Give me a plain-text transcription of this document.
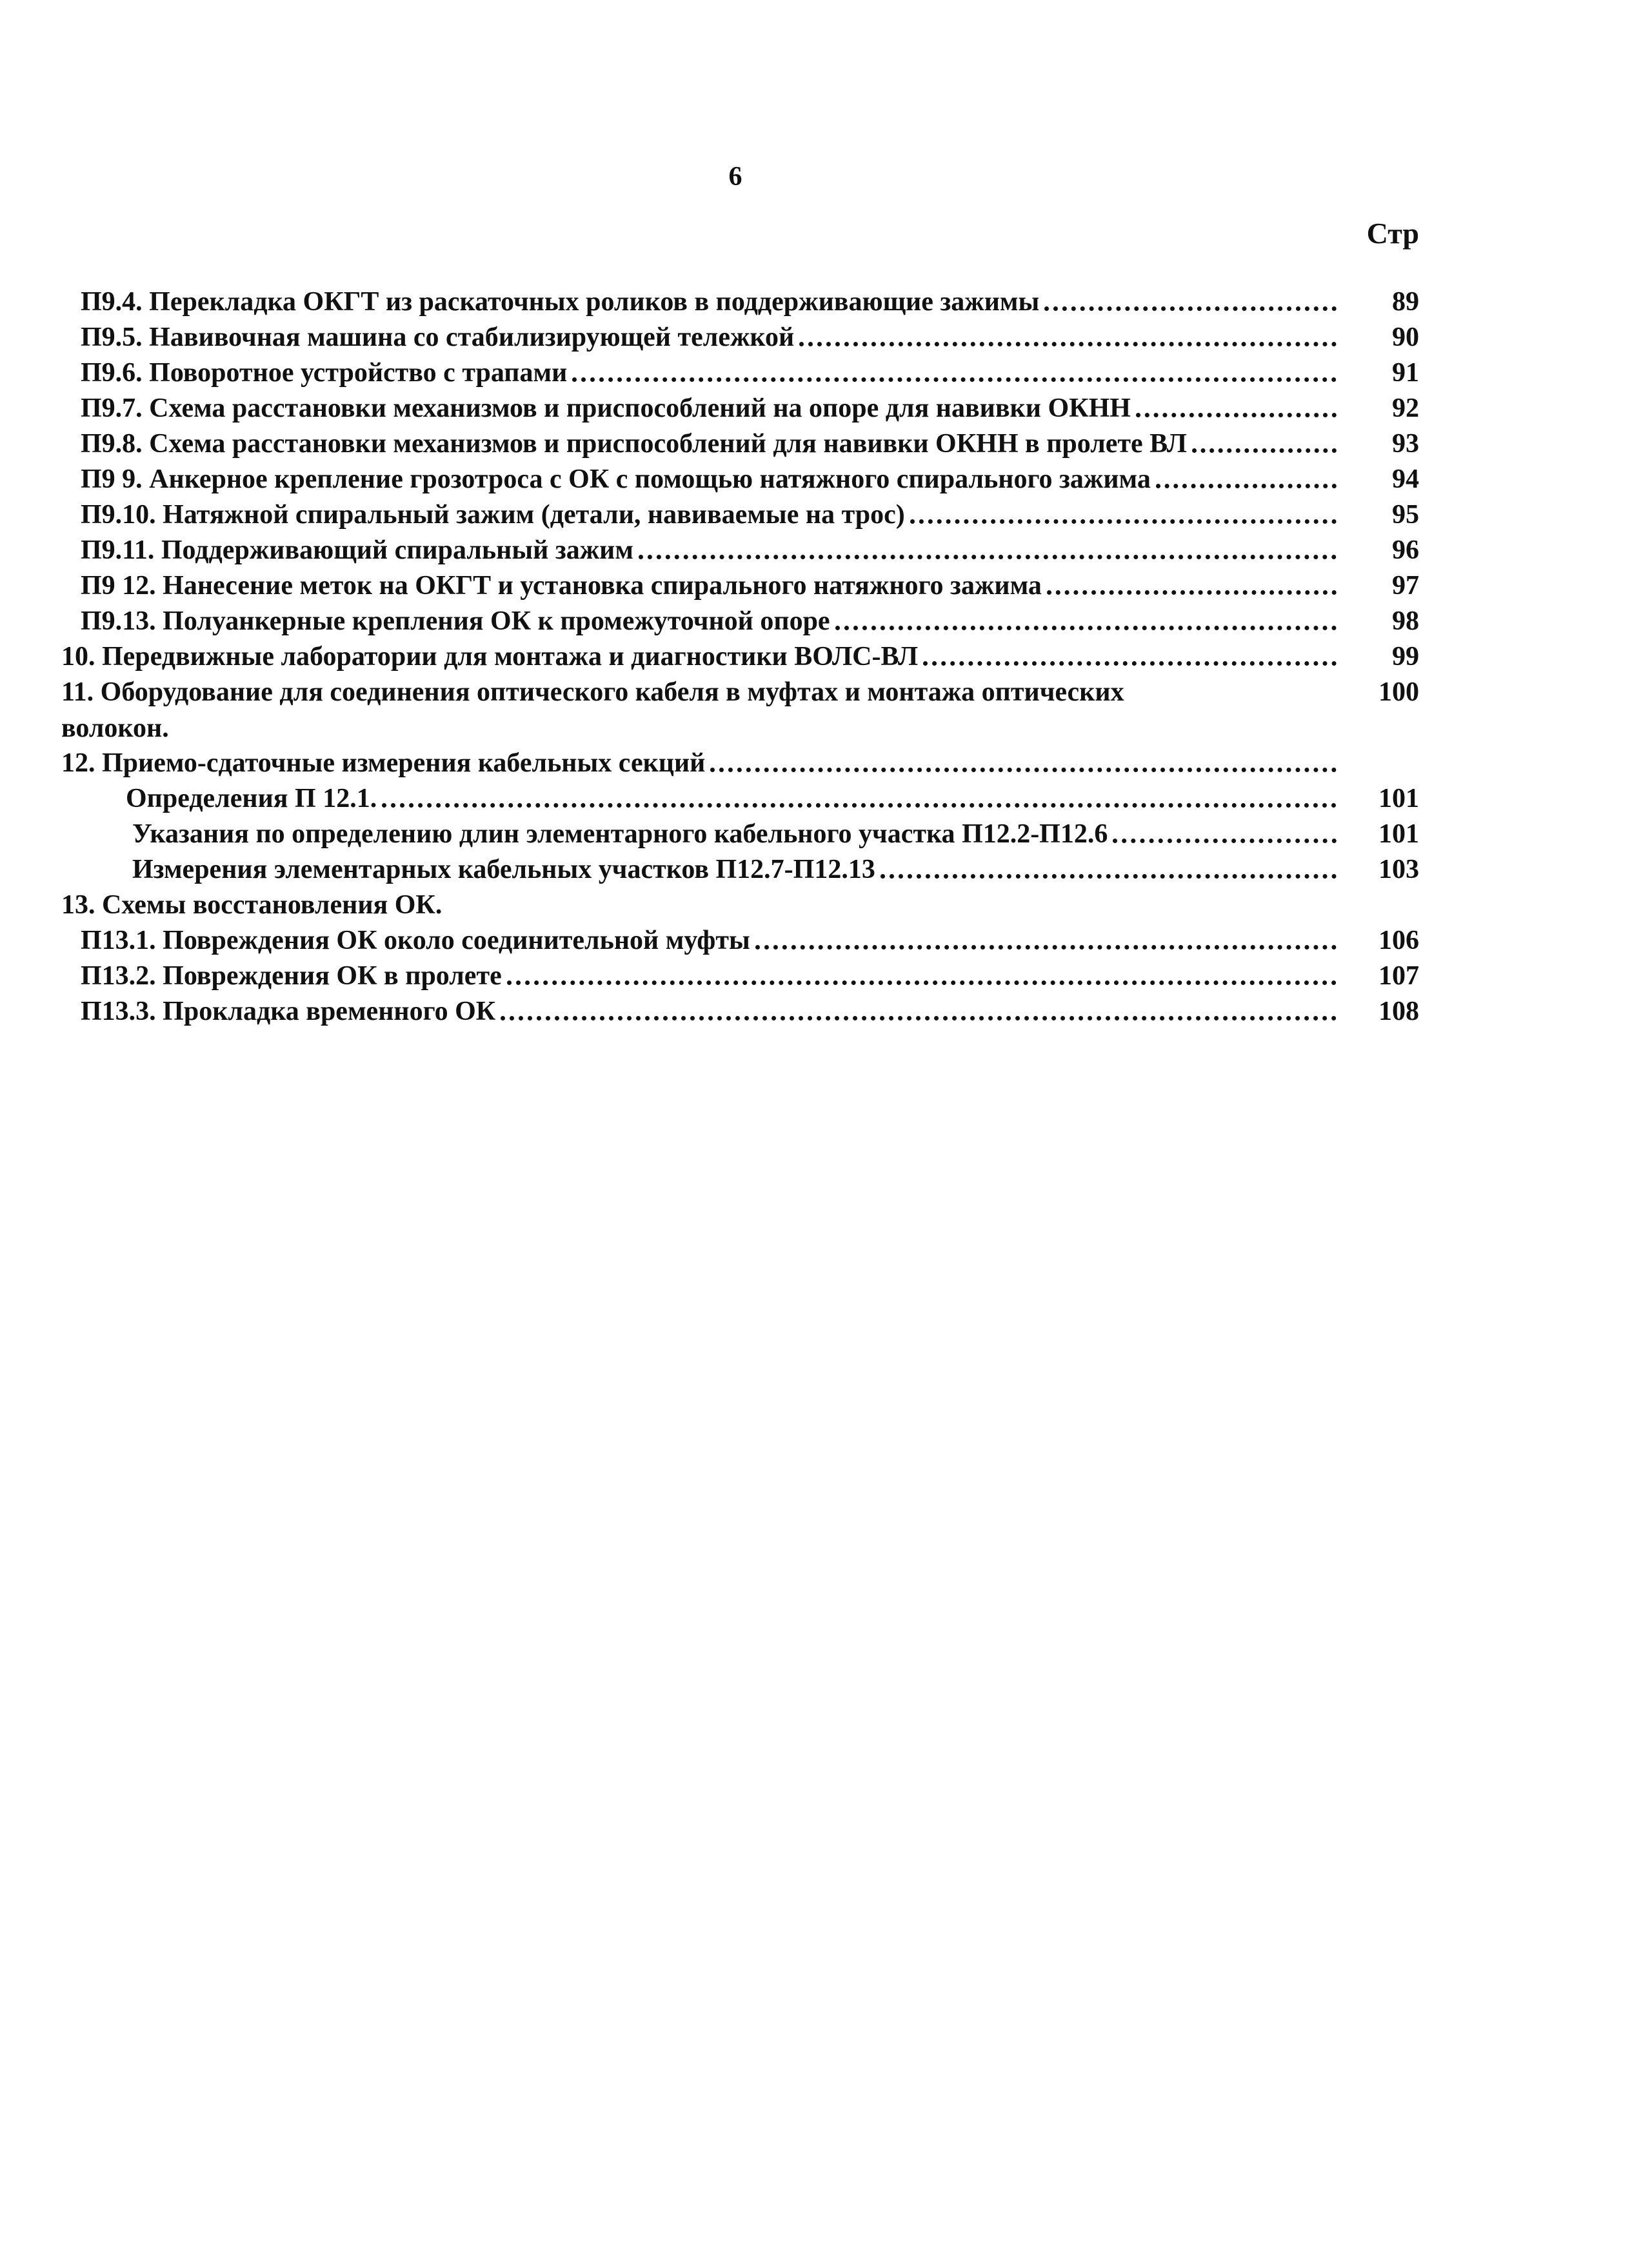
6
Стр
П9.4. Перекладка ОКГТ из раскаточных роликов в поддерживающие зажимы	89
П9.5. Навивочная машина со стабилизирующей тележкой	90
П9.6. Поворотное устройство с трапами	91
П9.7. Схема расстановки механизмов и приспособлений на опоре для навивки ОКНН	92
П9.8. Схема расстановки механизмов и приспособлений для навивки ОКНН в пролете ВЛ	93
П9 9. Анкерное крепление грозотроса с ОК с помощью натяжного спирального зажима	94
П9.10. Натяжной спиральный зажим (детали, навиваемые на трос)	95
П9.11. Поддерживающий спиральный зажим	96
П9 12. Нанесение меток на ОКГТ и установка спирального натяжного зажима	97
П9.13. Полуанкерные крепления ОК к промежуточной опоре	98
10. Передвижные лаборатории для монтажа и диагностики ВОЛС-ВЛ	99
11. Оборудование для соединения оптического кабеля в муфтах и монтажа оптических
волокон.
100
12. Приемо-сдаточные измерения кабельных секций
Определения П 12.1.	101
Указания по определению длин элементарного кабельного участка П12.2-П12.6	101
Измерения элементарных кабельных участков П12.7-П12.13	103
13. Схемы восстановления ОК.
П13.1. Повреждения ОК около соединительной муфты	106
П13.2. Повреждения ОК в пролете	107
П13.3. Прокладка временного ОК	108
